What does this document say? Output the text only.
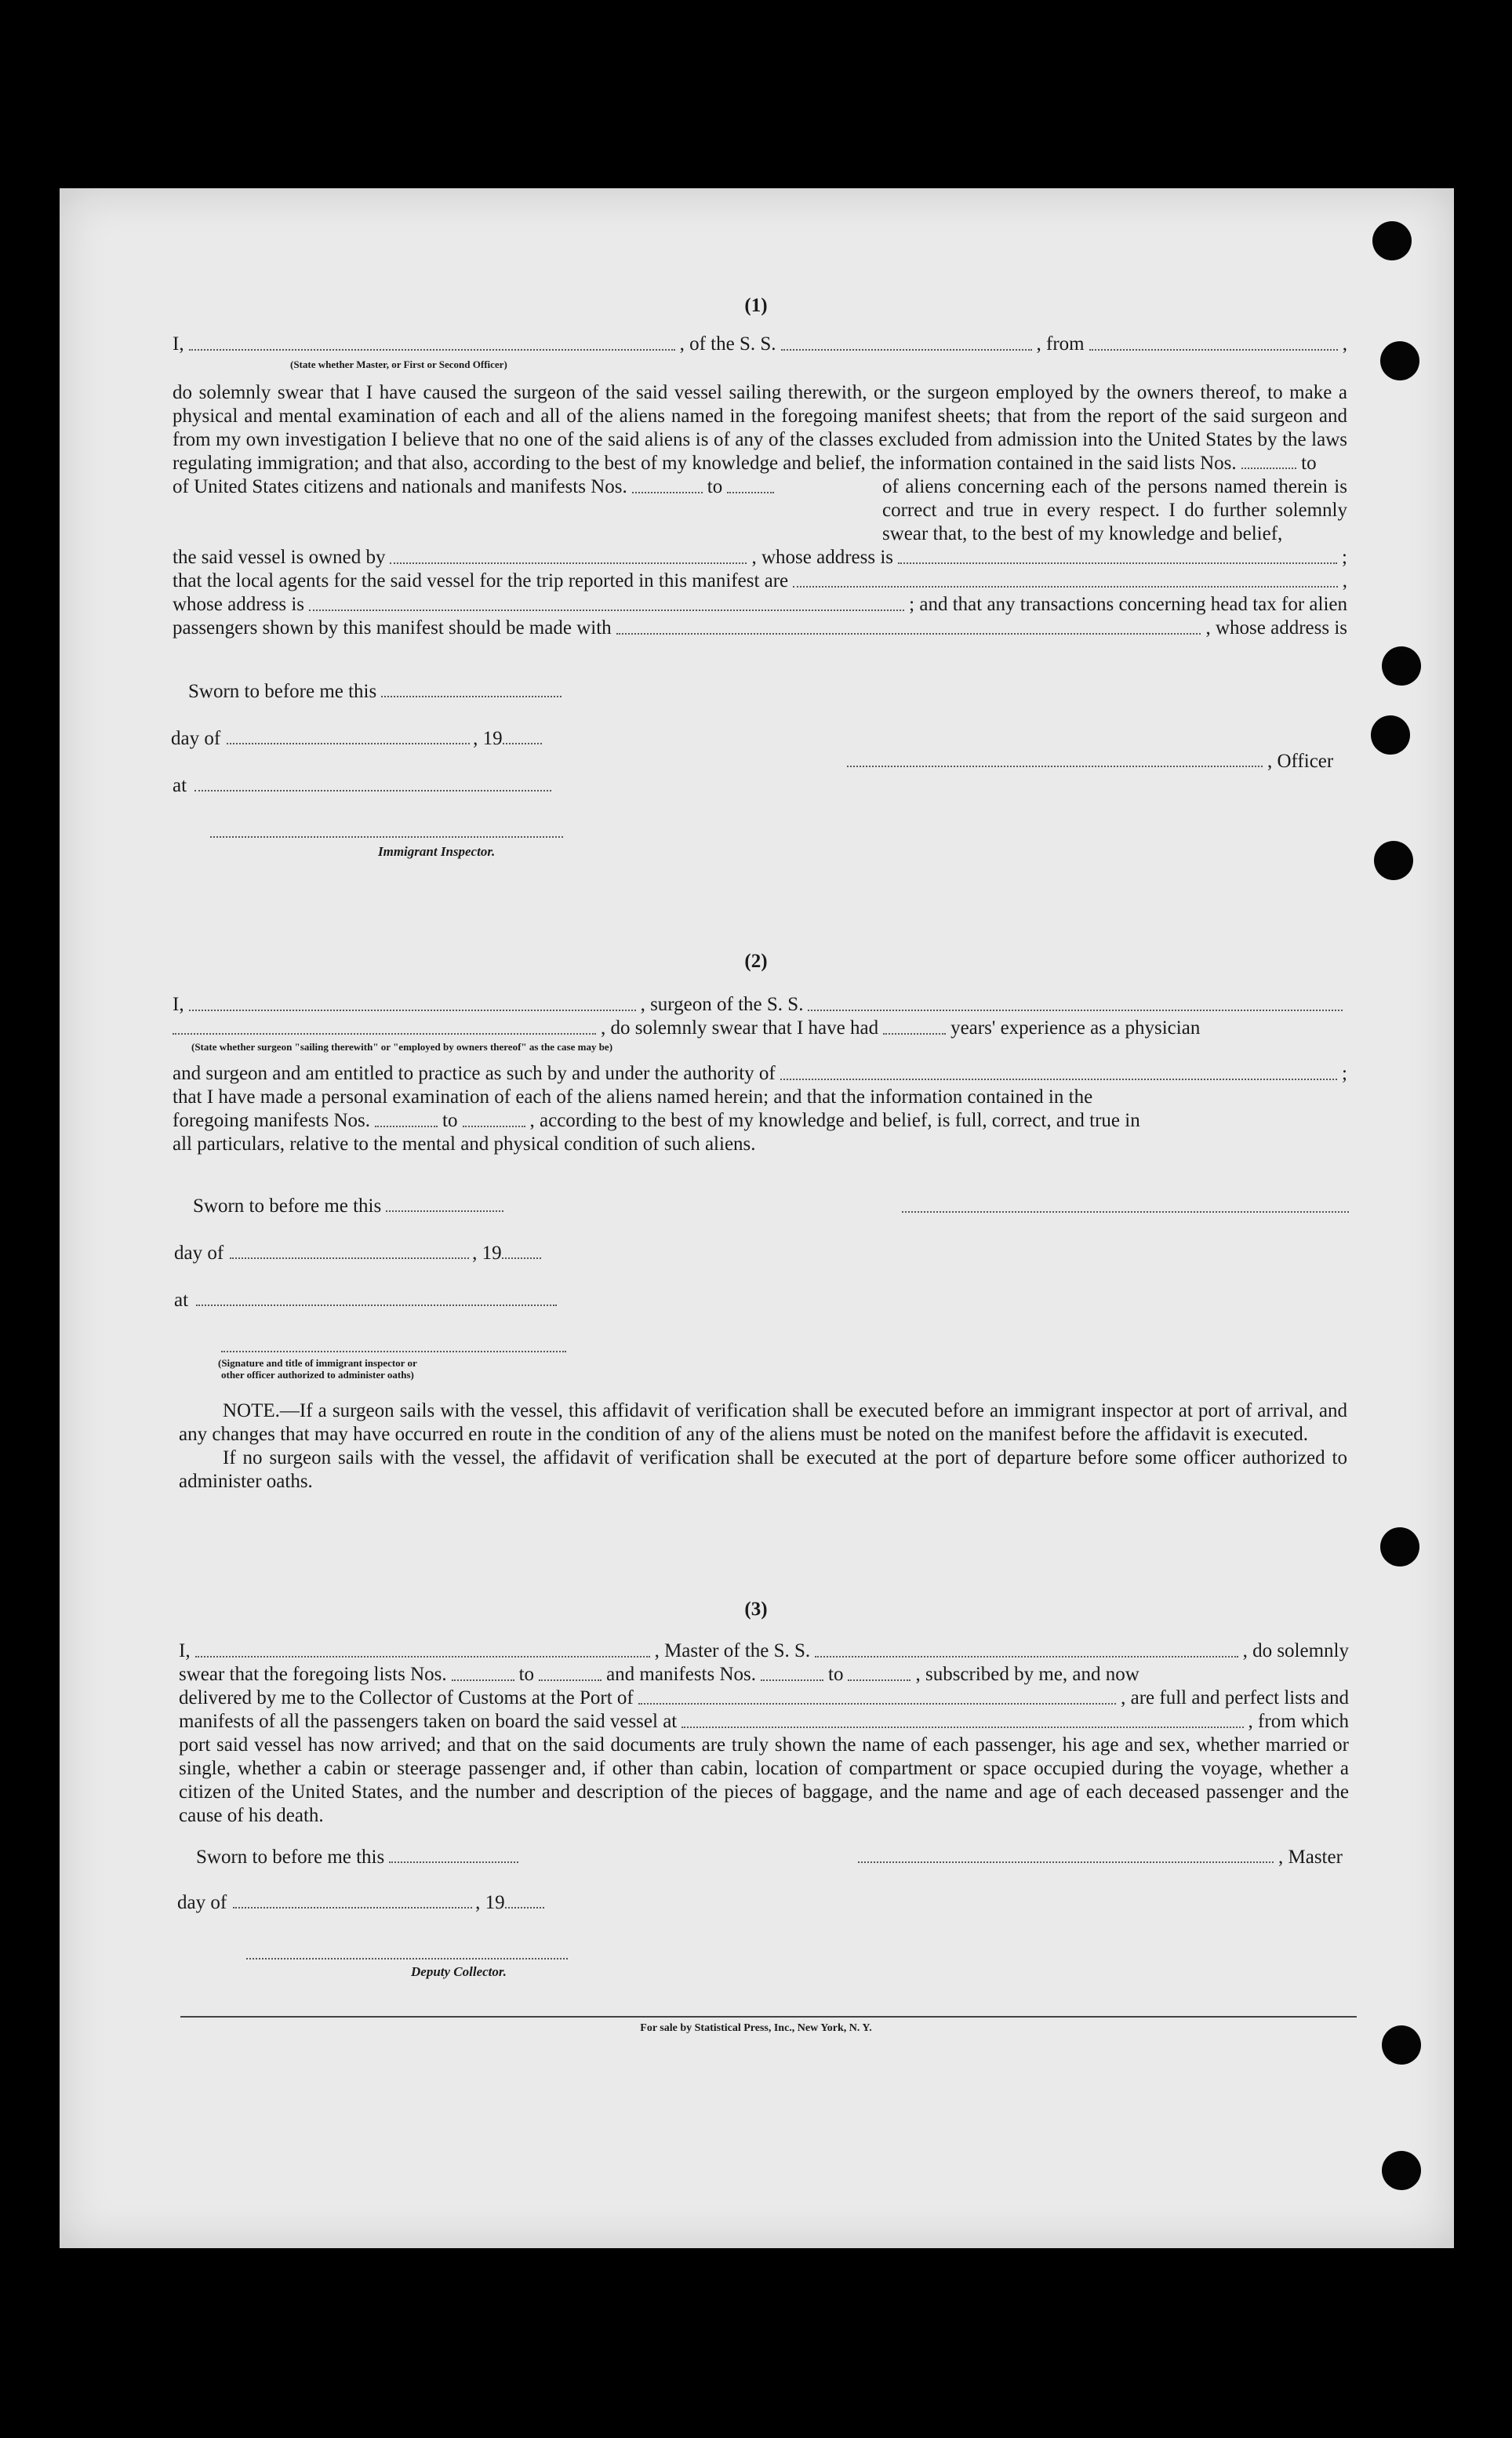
(1)
I,	, of the S. S.	, from	,
(State whether Master, or First or Second Officer)

do solemnly swear that I have caused the surgeon of the said vessel sailing therewith, or the surgeon employed by the owners thereof, to make a physical and mental examination of each and all of the aliens named in the foregoing manifest sheets; that from the report of the said surgeon and from my own investigation I believe that no one of the said aliens is of any of the classes excluded from admission into the United States by the laws regulating immigration; and that also, according to the best of my knowledge and belief, the information contained in the said lists Nos.	to

of United States citizens and nationals and manifests Nos.	to	of aliens concerning each of the persons named therein is correct and true in every respect. I do further solemnly swear that, to the best of my knowledge and belief,

the said vessel is owned by	, whose address is	;
that the local agents for the said vessel for the trip reported in this manifest are	,
whose address is	; and that any transactions concerning head tax for alien
passengers shown by this manifest should be made with	, whose address is
Sworn to before me this
day of	, 19
at
Immigrant Inspector.
, Officer
(2)
I,	, surgeon of the S. S.
, do solemnly swear that I have had	years' experience as a physician
(State whether surgeon "sailing therewith" or "employed by owners thereof" as the case may be)
and surgeon and am entitled to practice as such by and under the authority of	;
that I have made a personal examination of each of the aliens named herein; and that the information contained in the
foregoing manifests Nos.	to	, according to the best of my knowledge and belief, is full, correct, and true in
all particulars, relative to the mental and physical condition of such aliens.
Sworn to before me this
day of	, 19
at
(Signature and title of immigrant inspector or
other officer authorized to administer oaths)

NOTE.—If a surgeon sails with the vessel, this affidavit of verification shall be executed before an immigrant inspector at port of arrival, and any changes that may have occurred en route in the condition of any of the aliens must be noted on the manifest before the affidavit is executed.

If no surgeon sails with the vessel, the affidavit of verification shall be executed at the port of departure before some officer authorized to administer oaths.

(3)
I,	, Master of the S. S.	, do solemnly
swear that the foregoing lists Nos.	to	and manifests Nos.	to	, subscribed by me, and now
delivered by me to the Collector of Customs at the Port of	, are full and perfect lists and
manifests of all the passengers taken on board the said vessel at	, from which

port said vessel has now arrived; and that on the said documents are truly shown the name of each passenger, his age and sex, whether married or single, whether a cabin or steerage passenger and, if other than cabin, location of compartment or space occupied during the voyage, whether a citizen of the United States, and the number and description of the pieces of baggage, and the name and age of each deceased passenger and the cause of his death.

Sworn to before me this	, Master
day of	, 19
Deputy Collector.
For sale by Statistical Press, Inc., New York, N. Y.
